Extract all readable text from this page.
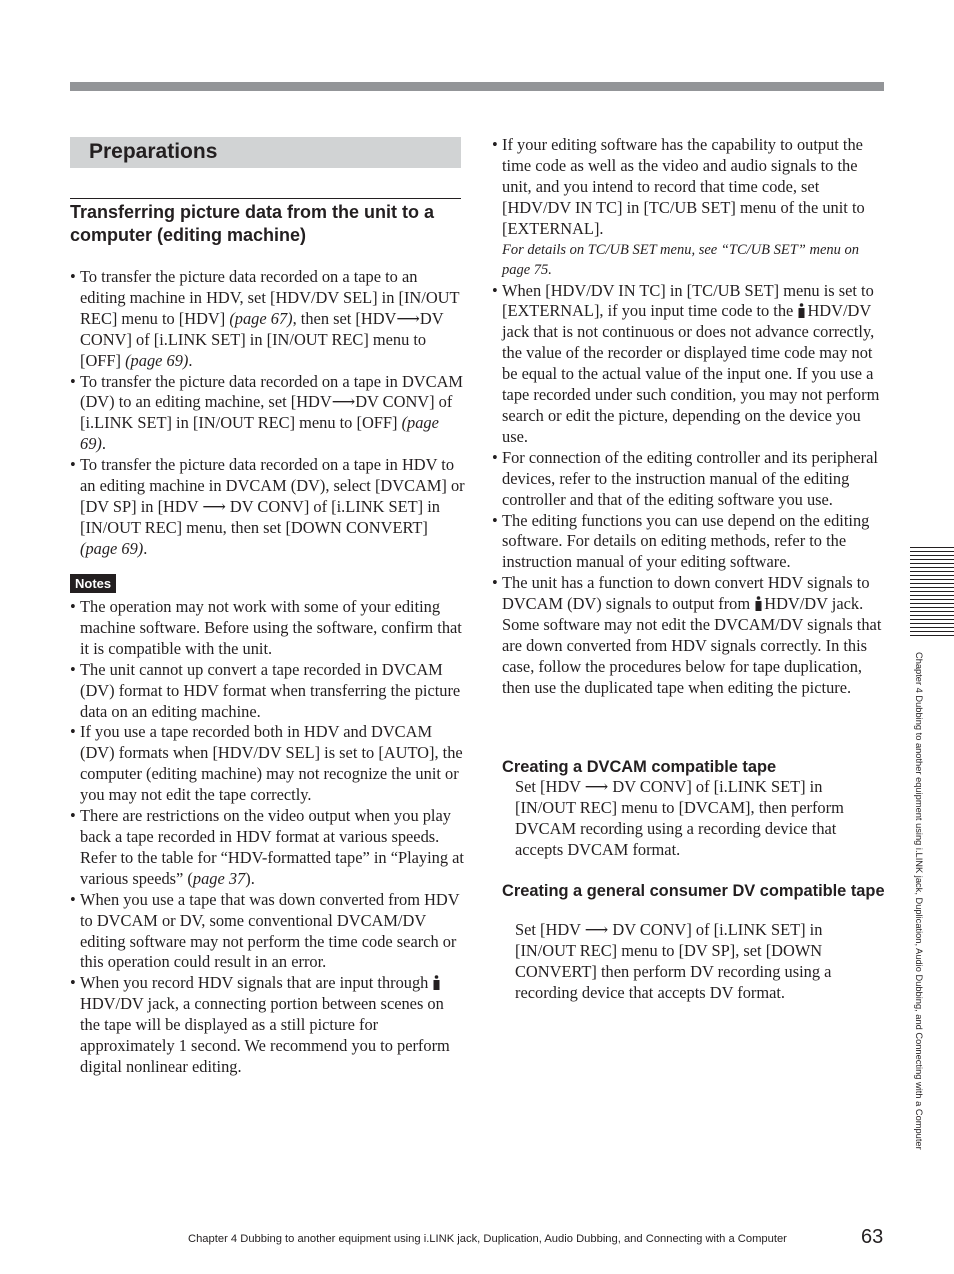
Preparations
Transferring picture data from the unit to a computer (editing machine)
• To transfer the picture data recorded on a tape to an editing machine in HDV, set [HDV/DV SEL] in [IN/OUT REC] menu to [HDV] (page 67), then set [HDV⟶DV CONV] of [i.LINK SET] in [IN/OUT REC] menu to [OFF] (page 69).
• To transfer the picture data recorded on a tape in DVCAM (DV) to an editing machine, set [HDV⟶DV CONV] of [i.LINK SET] in [IN/OUT REC] menu to [OFF] (page 69).
• To transfer the picture data recorded on a tape in HDV to an editing machine in DVCAM (DV), select [DVCAM] or [DV SP] in [HDV ⟶ DV CONV] of [i.LINK SET] in [IN/OUT REC] menu, then set [DOWN CONVERT] (page 69).
Notes
• The operation may not work with some of your editing machine software. Before using the software, confirm that it is compatible with the unit.
• The unit cannot up convert a tape recorded in DVCAM (DV) format to HDV format when transferring the picture data on an editing machine.
• If you use a tape recorded both in HDV and DVCAM (DV) formats when [HDV/DV SEL] is set to [AUTO], the computer (editing machine) may not recognize the unit or you may not edit the tape correctly.
• There are restrictions on the video output when you play back a tape recorded in HDV format at various speeds. Refer to the table for “HDV-formatted tape” in “Playing at various speeds” (page 37).
• When you use a tape that was down converted from HDV to DVCAM or DV, some conventional DVCAM/DV editing software may not perform the time code search or this operation could result in an error.
• When you record HDV signals that are input through HDV/DV jack, a connecting portion between scenes on the tape will be displayed as a still picture for approximately 1 second. We recommend you to perform digital nonlinear editing.
• If your editing software has the capability to output the time code as well as the video and audio signals to the unit, and you intend to record that time code, set [HDV/DV IN TC] in [TC/UB SET] menu of the unit to [EXTERNAL].
For details on TC/UB SET menu, see “TC/UB SET” menu on page 75.
• When [HDV/DV IN TC] in [TC/UB SET] menu is set to [EXTERNAL], if you input time code to the HDV/DV jack that is not continuous or does not advance correctly, the value of the recorder or displayed time code may not be equal to the actual value of the input one. If you use a tape recorded under such condition, you may not perform search or edit the picture, depending on the device you use.
• For connection of the editing controller and its peripheral devices, refer to the instruction manual of the editing controller and that of the editing software you use.
• The editing functions you can use depend on the editing software. For details on editing methods, refer to the instruction manual of your editing software.
• The unit has a function to down convert HDV signals to DVCAM (DV) signals to output from HDV/DV jack. Some software may not edit the DVCAM/DV signals that are down converted from HDV signals correctly. In this case, follow the procedures below for tape duplication, then use the duplicated tape when editing the picture.
Creating a DVCAM compatible tape
Set [HDV ⟶ DV CONV] of [i.LINK SET] in [IN/OUT REC] menu to [DVCAM], then perform DVCAM recording using a recording device that accepts DVCAM format.
Creating a general consumer DV compatible tape
Set [HDV ⟶ DV CONV] of [i.LINK SET] in [IN/OUT REC] menu to [DV SP], set [DOWN CONVERT] then perform DV recording using a recording device that accepts DV format.	Chapter 4 Dubbing to another equipment using i.LINK jack, Duplication, Audio Dubbing, and Connecting with a Computer
Chapter 4 Dubbing to another equipment using i.LINK jack, Duplication, Audio Dubbing, and Connecting with a Computer	63
